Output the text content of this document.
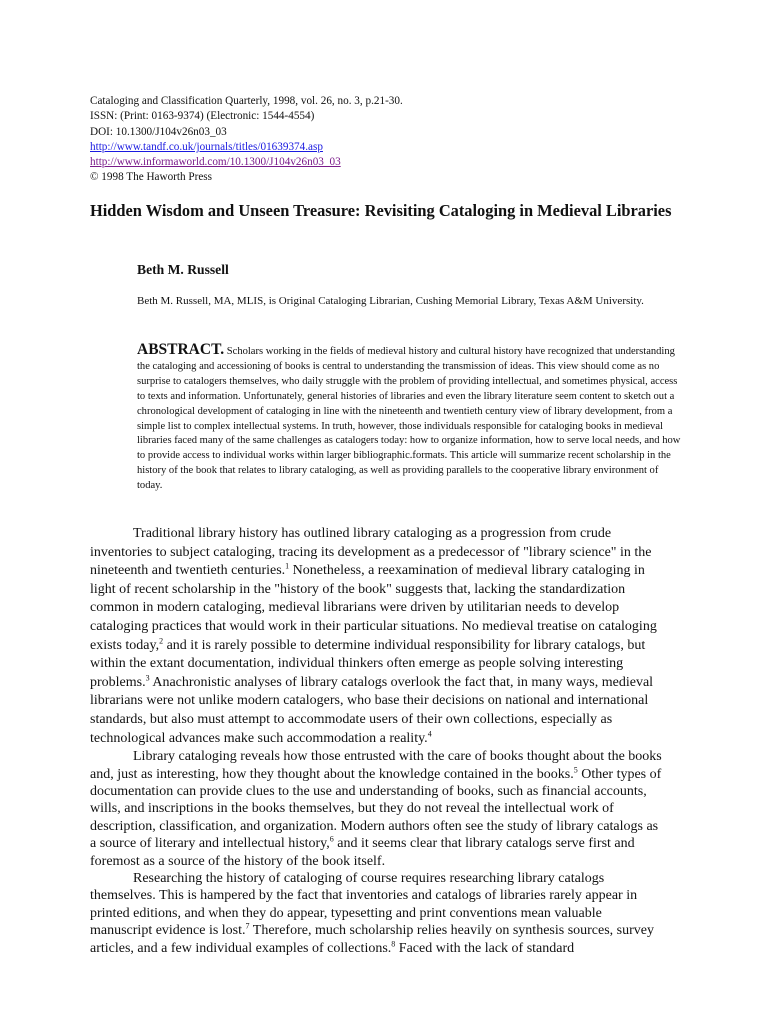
Cataloging and Classification Quarterly, 1998, vol. 26, no. 3, p.21-30.
ISSN: (Print: 0163-9374) (Electronic: 1544-4554)
DOI: 10.1300/J104v26n03_03
http://www.tandf.co.uk/journals/titles/01639374.asp
http://www.informaworld.com/10.1300/J104v26n03_03
© 1998 The Haworth Press
Hidden Wisdom and Unseen Treasure: Revisiting Cataloging in Medieval Libraries

Beth M. Russell

Beth M. Russell, MA, MLIS, is Original Cataloging Librarian, Cushing Memorial Library, Texas A&M University.

ABSTRACT. Scholars working in the fields of medieval history and cultural history have recognized that understanding the cataloging and accessioning of books is central to understanding the transmission of ideas. This view should come as no surprise to catalogers themselves, who daily struggle with the problem of providing intellectual, and sometimes physical, access to texts and information. Unfortunately, general histories of libraries and even the library literature seem content to sketch out a chronological development of cataloging in line with the nineteenth and twentieth century view of library development, from a simple list to complex intellectual systems. In truth, however, those individuals responsible for cataloging books in medieval libraries faced many of the same challenges as catalogers today: how to organize information, how to serve local needs, and how to provide access to individual works within larger bibliographic.formats. This article will summarize recent scholarship in the history of the book that relates to library cataloging, as well as providing parallels to the cooperative library environment of today.

Traditional library history has outlined library cataloging as a progression from crude inventories to subject cataloging, tracing its development as a predecessor of "library science" in the nineteenth and twentieth centuries.$^1$ Nonetheless, a reexamination of medieval library cataloging in light of recent scholarship in the "history of the book" suggests that, lacking the standardization common in modern cataloging, medieval librarians were driven by utilitarian needs to develop cataloging practices that would work in their particular situations. No medieval treatise on cataloging exists today,$^2$ and it is rarely possible to determine individual responsibility for library catalogs, but within the extant documentation, individual thinkers often emerge as people solving interesting problems.$^3$ Anachronistic analyses of library catalogs overlook the fact that, in many ways, medieval librarians were not unlike modern catalogers, who base their decisions on national and international standards, but also must attempt to accommodate users of their own collections, especially as technological advances make such accommodation a reality.$^4$

Library cataloging reveals how those entrusted with the care of books thought about the books and, just as interesting, how they thought about the knowledge contained in the books.$^5$ Other types of documentation can provide clues to the use and understanding of books, such as financial accounts, wills, and inscriptions in the books themselves, but they do not reveal the intellectual work of description, classification, and organization. Modern authors often see the study of library catalogs as a source of literary and intellectual history,$^6$ and it seems clear that library catalogs serve first and foremost as a source of the history of the book itself.

Researching the history of cataloging of course requires researching library catalogs themselves. This is hampered by the fact that inventories and catalogs of libraries rarely appear in printed editions, and when they do appear, typesetting and print conventions mean valuable manuscript evidence is lost.$^7$ Therefore, much scholarship relies heavily on synthesis sources, survey articles, and a few individual examples of collections.$^8$ Faced with the lack of standard
